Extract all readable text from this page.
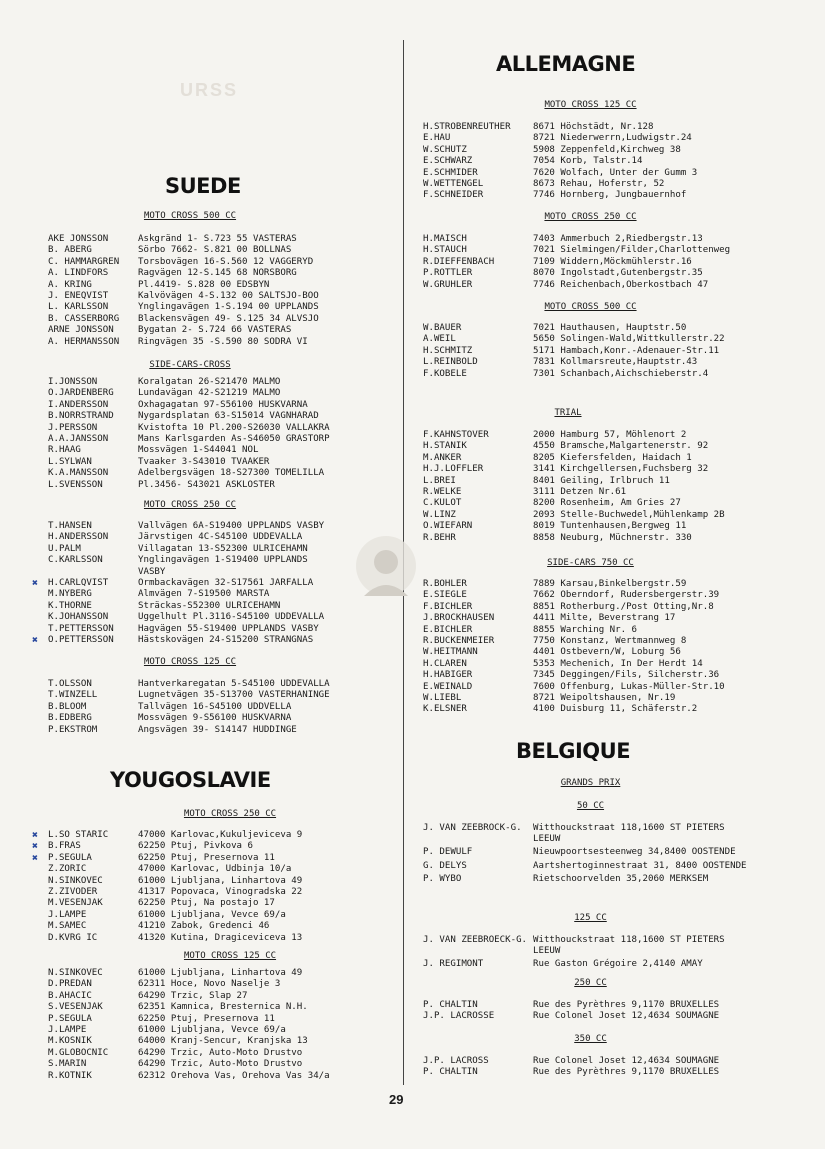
URSS
SUEDE
MOTO CROSS 500 CC
AKE JONSSON	Askgränd 1- S.723 55 VASTERAS
B. ABERG	Sörbo 7662- S.821 00 BOLLNAS
C. HAMMARGREN Torsbovägen 16-S.560 12 VAGGERYD
A. LINDFORS	Ragvägen 12-S.145 68 NORSBORG
A. KRING	Pl.4419- S.828 00 EDSBYN
J. ENEQVIST	Kalvövägen 4-S.132 00 SALTSJO-BOO
L. KARLSSON	Ynglingavägen 1-S.194 00 UPPLANDS
B. CASSERBORG Blackensvägen 49- S.125 34 ALVSJO
ARNE JONSSON	Bygatan 2- S.724 66 VASTERAS
A. HERMANSSON Ringvägen 35 -S.590 80 SODRA VI
SIDE-CARS-CROSS
I.JONSSON	Koralgatan 26-S21470 MALMO
O.JARDENBERG	Lundavägan 42-S21219 MALMO
I.ANDERSSON	Oxhagagatan 97-S56100 HUSKVARNA
B.NORRSTRAND	Nygardsplatan 63-S15014 VAGNHARAD
J.PERSSON	Kvistofta 10 Pl.200-S26030 VALLAKRA
A.A.JANSSON	Mans Karlsgarden As-S46050 GRASTORP
R.HAAG	Mossvägen 1-S44041 NOL
L.SYLWAN	Tvaaker 3-S43010 TVAAKER
K.A.MANSSON	Adelbergsvägen 18-S27300 TOMELILLA
L.SVENSSON	Pl.3456- S43021 ASKLOSTER
MOTO CROSS 250 CC
T.HANSEN	Vallvägen 6A-S19400 UPPLANDS VASBY
H.ANDERSSON	Järvstigen 4C-S45100 UDDEVALLA
U.PALM	Villagatan 13-S52300 ULRICEHAMN
C.KARLSSON	Ynglingavägen 1-S19400 UPPLANDS
VASBY
✖ H.CARLQVIST	Ormbackavägen 32-S17561 JARFALLA
M.NYBERG	Almvägen 7-S19500 MARSTA
K.THORNE	Sträckas-S52300 ULRICEHAMN
K.JOHANSSON	Uggelhult Pl.3116-S45100 UDDEVALLA
T.PETTERSSON	Hagvägen 55-S19400 UPPLANDS VASBY
✖ O.PETTERSSON	Hästskovägen 24-S15200 STRANGNAS
MOTO CROSS 125 CC
T.OLSSON	Hantverkaregatan 5-S45100 UDDEVALLA
T.WINZELL	Lugnetvägen 35-S13700 VASTERHANINGE
B.BLOOM	Tallvägen 16-S45100 UDDVELLA
B.EDBERG	Mossvägen 9-S56100 HUSKVARNA
P.EKSTROM	Angsvägen 39- S14147 HUDDINGE
YOUGOSLAVIE
MOTO CROSS 250 CC
✖ L.SO STARIC	47000 Karlovac,Kukuljeviceva 9
✖ B.FRAS	62250 Ptuj, Pivkova 6
✖ P.SEGULA	62250 Ptuj, Presernova 11
Z.ZORIC	47000 Karlovac, Udbinja 10/a
N.SINKOVEC	61000 Ljubljana, Linhartova 49
Z.ZIVODER	41317 Popovaca, Vinogradska 22
M.VESENJAK	62250 Ptuj, Na postajo 17
J.LAMPE	61000 Ljubljana, Vevce 69/a
M.SAMEC	41210 Zabok, Gredenci 46
D.KVRG IC	41320 Kutina, Dragiceviceva 13
MOTO CROSS 125 CC
N.SINKOVEC	61000 Ljubljana, Linhartova 49
D.PREDAN	62311 Hoce, Novo Naselje 3
B.AHACIC	64290 Trzic, Slap 27
S.VESENJAK	62351 Kamnica, Bresternica N.H.
P.SEGULA	62250 Ptuj, Presernova 11
J.LAMPE	61000 Ljubljana, Vevce 69/a
M.KOSNIK	64000 Kranj-Sencur, Kranjska 13
M.GLOBOCNIC	64290 Trzic, Auto-Moto Drustvo
S.MARIN	64290 Trzic, Auto-Moto Drustvo
R.KOTNIK	62312 Orehova Vas, Orehova Vas 34/a
ALLEMAGNE
MOTO CROSS 125 CC
H.STROBENREUTHER 8671 Höchstädt, Nr.128
E.HAU	8721 Niederwerrn,Ludwigstr.24
W.SCHUTZ	5908 Zeppenfeld,Kirchweg 38
E.SCHWARZ	7054 Korb, Talstr.14
E.SCHMIDER	7620 Wolfach, Unter der Gumm 3
W.WETTENGEL	8673 Rehau, Hoferstr, 52
F.SCHNEIDER	7746 Hornberg, Jungbauernhof
MOTO CROSS 250 CC
H.MAISCH	7403 Ammerbuch 2,Riedbergstr.13
H.STAUCH	7021 Sielmingen/Filder,Charlottenweg
R.DIEFFENBACH	7109 Widdern,Möckmühlerstr.16
P.ROTTLER	8070 Ingolstadt,Gutenbergstr.35
W.GRUHLER	7746 Reichenbach,Oberkostbach 47
MOTO CROSS 500 CC
W.BAUER	7021 Hauthausen, Hauptstr.50
A.WEIL	5650 Solingen-Wald,Wittkullerstr.22
H.SCHMITZ	5171 Hambach,Konr.-Adenauer-Str.11
L.REINBOLD	7831 Kollmarsreute,Hauptstr.43
F.KOBELE	7301 Schanbach,Aichschieberstr.4
TRIAL
F.KAHNSTOVER	2000 Hamburg 57, Möhlenort 2
H.STANIK	4550 Bramsche,Malgartenerstr. 92
M.ANKER	8205 Kiefersfelden, Haidach 1
H.J.LOFFLER	3141 Kirchgellersen,Fuchsberg 32
L.BREI	8401 Geiling, Irlbruch 11
R.WELKE	3111 Detzen Nr.61
C.KULOT	8200 Rosenheim, Am Gries 27
W.LINZ	2093 Stelle-Buchwedel,Mühlenkamp 2B
O.WIEFARN	8019 Tuntenhausen,Bergweg 11
R.BEHR	8858 Neuburg, Müchnerstr. 330
SIDE-CARS 750 CC
R.BOHLER	7889 Karsau,Binkelbergstr.59
E.SIEGLE	7662 Oberndorf, Rudersbergerstr.39
F.BICHLER	8851 Rotherburg./Post Otting,Nr.8
J.BROCKHAUSEN	4411 Milte, Beverstrang 17
E.BICHLER	8855 Warching Nr. 6
R.BUCKENMEIER	7750 Konstanz, Wertmannweg 8
W.HEITMANN	4401 Ostbevern/W, Loburg 56
H.CLAREN	5353 Mechenich, In Der Herdt 14
H.HABIGER	7345 Deggingen/Fils, Silcherstr.36
E.WEINALD	7600 Offenburg, Lukas-Müller-Str.10
W.LIEBL	8721 Weipoltshausen, Nr.19
K.ELSNER	4100 Duisburg 11, Schäferstr.2
BELGIQUE
GRANDS PRIX
50 CC
J. VAN ZEEBROCK-G. Witthouckstraat 118,1600 ST PIETERS LEEUW
P. DEWULF	Nieuwpoortsesteenweg 34,8400 OOSTENDE
G. DELYS	Aartshertoginnestraat 31, 8400 OOSTENDE
P. WYBO	Rietschoorvelden 35,2060 MERKSEM
125 CC
J. VAN ZEEBROECK-G. Witthouckstraat 118,1600 ST PIETERS LEEUW
J. REGIMONT	Rue Gaston Grégoire 2,4140 AMAY
250 CC
P. CHALTIN	Rue des Pyrèthres 9,1170 BRUXELLES
J.P. LACROSSE	Rue Colonel Joset 12,4634 SOUMAGNE
350 CC
J.P. LACROSS	Rue Colonel Joset 12,4634 SOUMAGNE
P. CHALTIN	Rue des Pyrèthres 9,1170 BRUXELLES
29
